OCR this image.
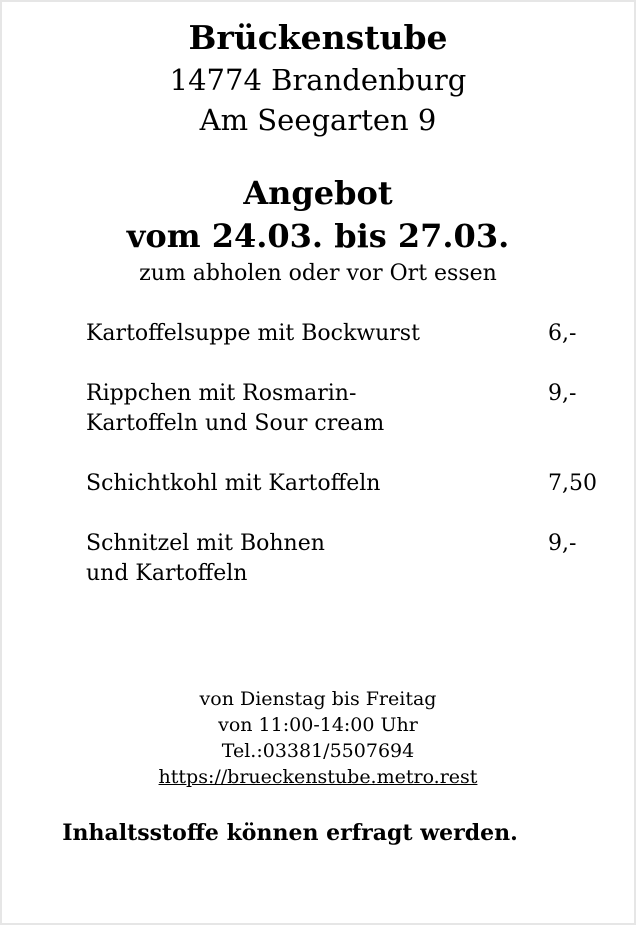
Brückenstube
14774 Brandenburg
Am Seegarten 9
Angebot
vom 24.03. bis 27.03.
zum abholen oder vor Ort essen
Kartoffelsuppe mit Bockwurst	6,-
Rippchen mit Rosmarin-
Kartoffeln und Sour cream
9,-
Schichtkohl mit Kartoffeln	7,50
Schnitzel mit Bohnen
und Kartoffeln
9,-
von Dienstag bis Freitag
von 11:00-14:00 Uhr
Tel.:03381/5507694
https://brueckenstube.metro.rest
Inhaltsstoffe können erfragt werden.
